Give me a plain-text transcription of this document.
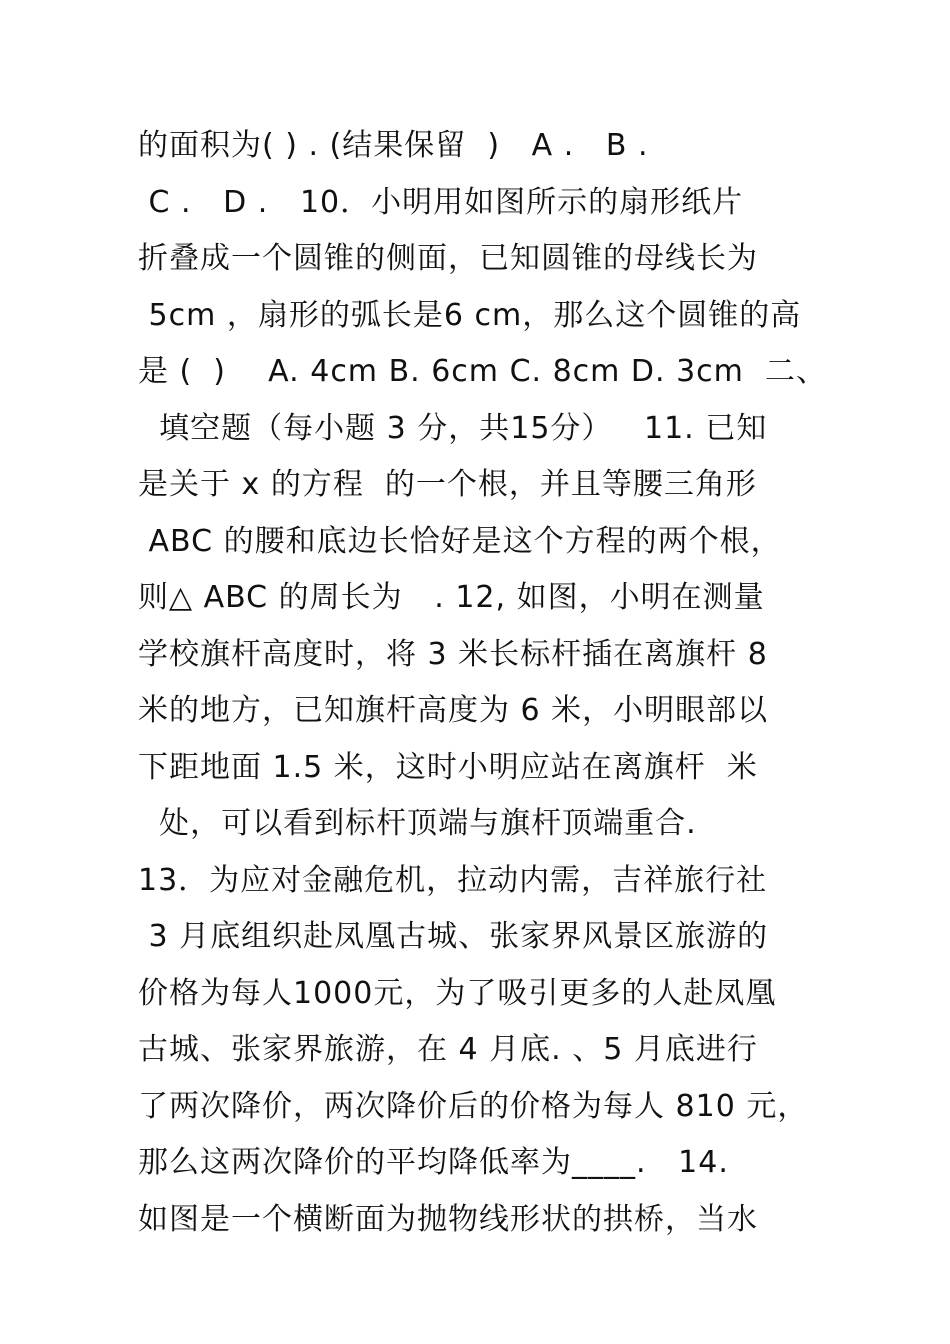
的面积为( ) . (结果保留  )   A .   B .
C .   D .   10．小明用如图所示的扇形纸片
折叠成一个圆锥的侧面，已知圆锥的母线长为
5cm ，扇形的弧长是6 cm，那么这个圆锥的高
是 (  )    A. 4cm B. 6cm C. 8cm D. 3cm  二、
填空题（每小题 3 分，共15分）   11. 已知
是关于 x 的方程  的一个根，并且等腰三角形
ABC 的腰和底边长恰好是这个方程的两个根，
则△ ABC 的周长为   . 12, 如图，小明在测量
学校旗杆高度时，将 3 米长标杆插在离旗杆 8
米的地方，已知旗杆高度为 6 米，小明眼部以
下距地面 1.5 米，这时小明应站在离旗杆  米
处，可以看到标杆顶端与旗杆顶端重合.
13．为应对金融危机，拉动内需，吉祥旅行社
3 月底组织赴凤凰古城、张家界风景区旅游的
价格为每人1000元，为了吸引更多的人赴凤凰
古城、张家界旅游，在 4 月底. 、5 月底进行
了两次降价，两次降价后的价格为每人 810 元，
那么这两次降价的平均降低率为____.   14.
如图是一个横断面为抛物线形状的拱桥，当水
